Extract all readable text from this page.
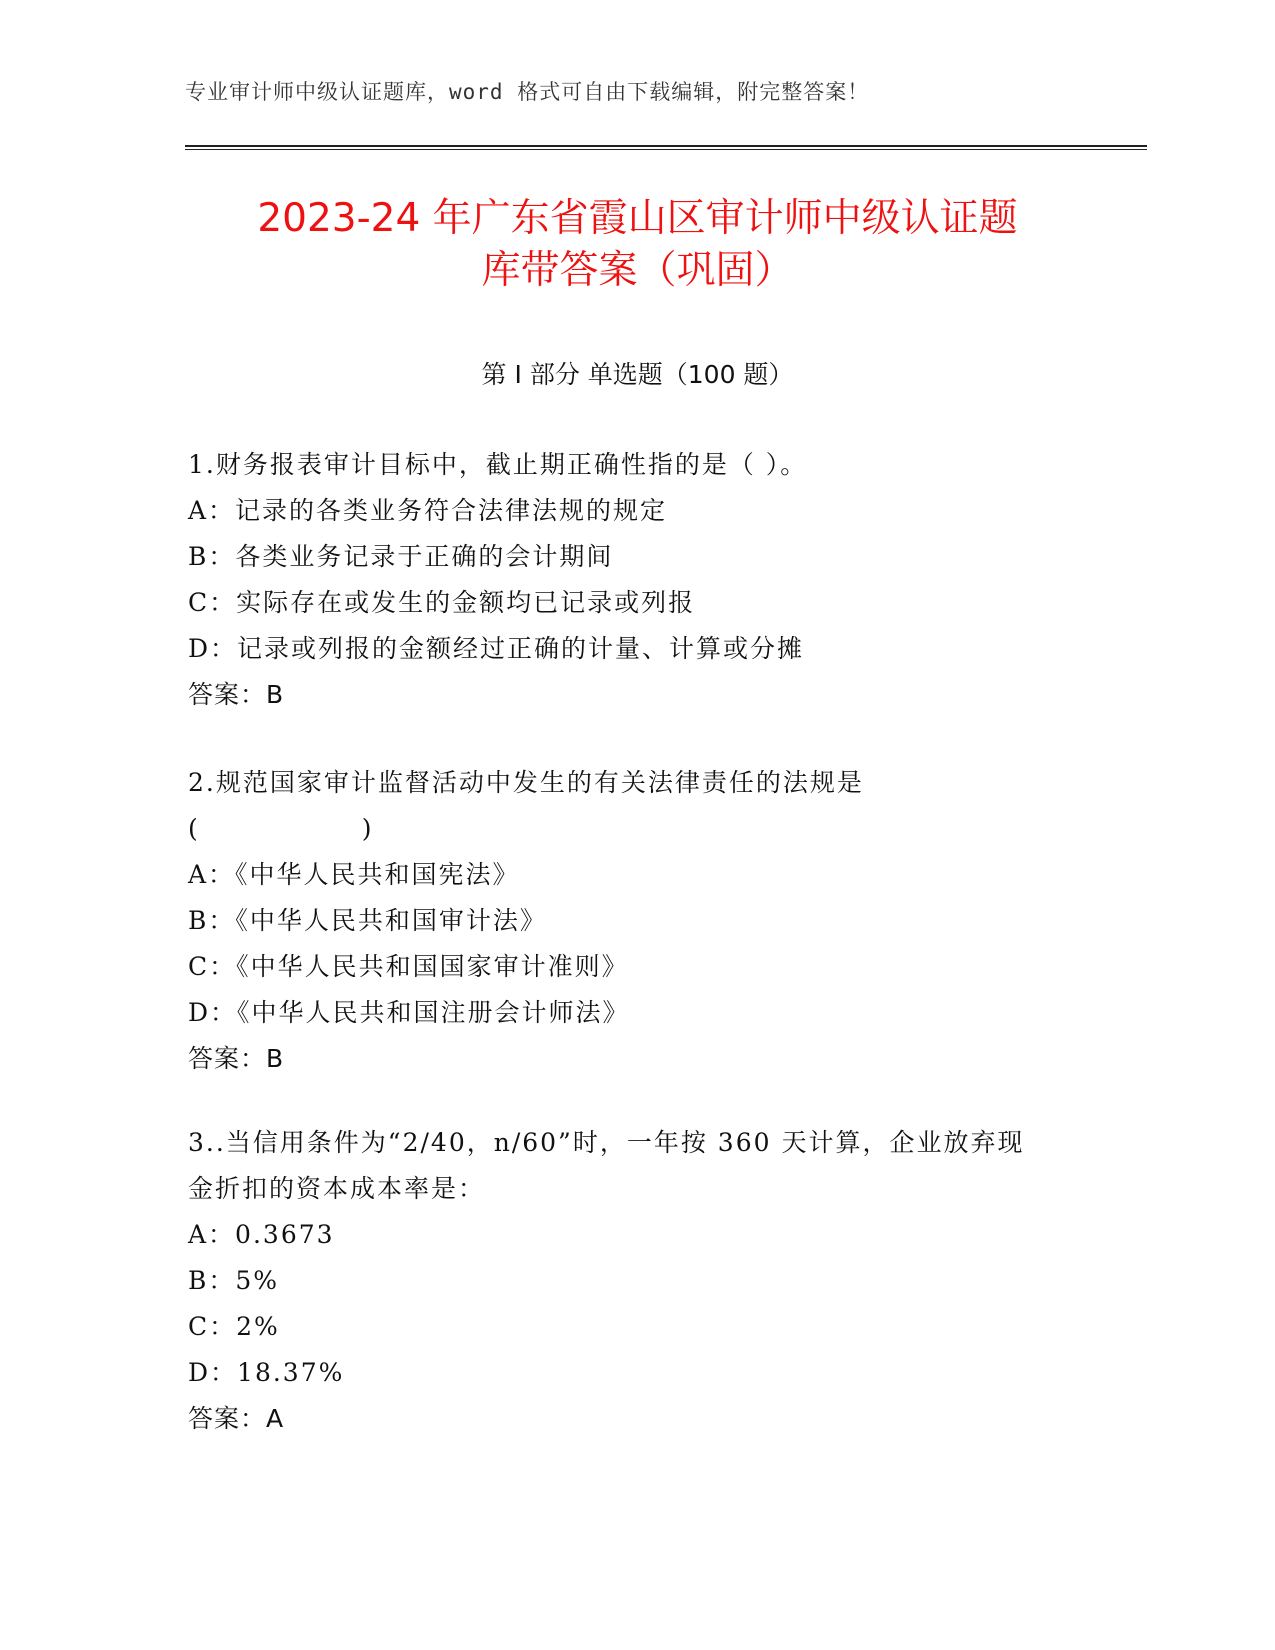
专业审计师中级认证题库，word 格式可自由下载编辑，附完整答案！
2023-24 年广东省霞山区审计师中级认证题
库带答案（巩固）
第 I 部分 单选题（100 题）
1.财务报表审计目标中，截止期正确性指的是（ ）。
A：记录的各类业务符合法律法规的规定
B：各类业务记录于正确的会计期间
C：实际存在或发生的金额均已记录或列报
D：记录或列报的金额经过正确的计量、计算或分摊
答案：B
2.规范国家审计监督活动中发生的有关法律责任的法规是
(　　　　　　)
A：《中华人民共和国宪法》
B：《中华人民共和国审计法》
C：《中华人民共和国国家审计准则》
D：《中华人民共和国注册会计师法》
答案：B
3..当信用条件为“2/40，n/60”时，一年按 360 天计算，企业放弃现
金折扣的资本成本率是：
A：0.3673
B：5%
C：2%
D：18.37%
答案：A
